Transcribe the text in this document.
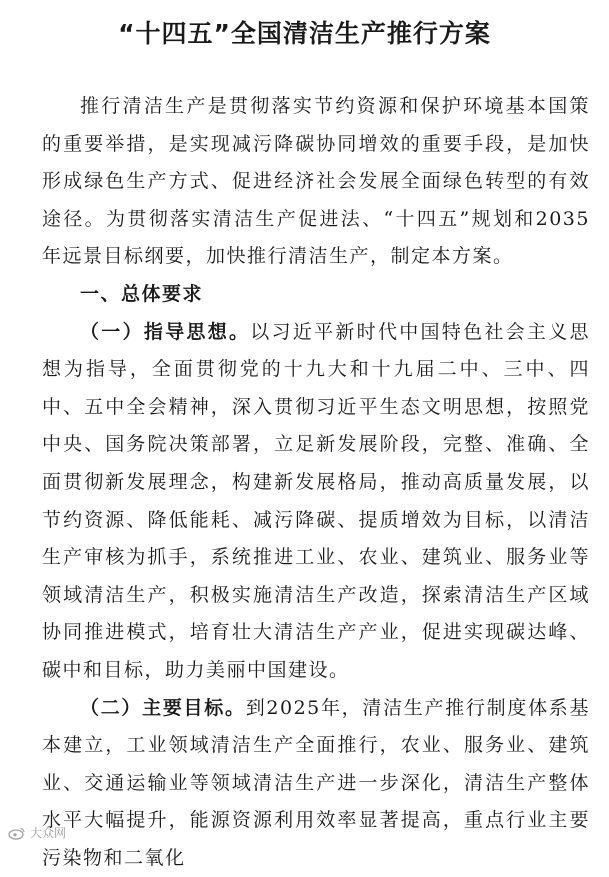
“十四五”全国清洁生产推行方案

推行清洁生产是贯彻落实节约资源和保护环境基本国策的重要举措，是实现减污降碳协同增效的重要手段，是加快形成绿色生产方式、促进经济社会发展全面绿色转型的有效途径。为贯彻落实清洁生产促进法、“十四五”规划和2035年远景目标纲要，加快推行清洁生产，制定本方案。

一、总体要求

（一）指导思想。以习近平新时代中国特色社会主义思想为指导，全面贯彻党的十九大和十九届二中、三中、四中、五中全会精神，深入贯彻习近平生态文明思想，按照党中央、国务院决策部署，立足新发展阶段，完整、准确、全面贯彻新发展理念，构建新发展格局，推动高质量发展，以节约资源、降低能耗、减污降碳、提质增效为目标，以清洁生产审核为抓手，系统推进工业、农业、建筑业、服务业等领域清洁生产，积极实施清洁生产改造，探索清洁生产区域协同推进模式，培育壮大清洁生产产业，促进实现碳达峰、碳中和目标，助力美丽中国建设。

（二）主要目标。到2025年，清洁生产推行制度体系基本建立，工业领域清洁生产全面推行，农业、服务业、建筑业、交通运输业等领域清洁生产进一步深化，清洁生产整体水平大幅提升，能源资源利用效率显著提高，重点行业主要污染物和二氧化

大众网
